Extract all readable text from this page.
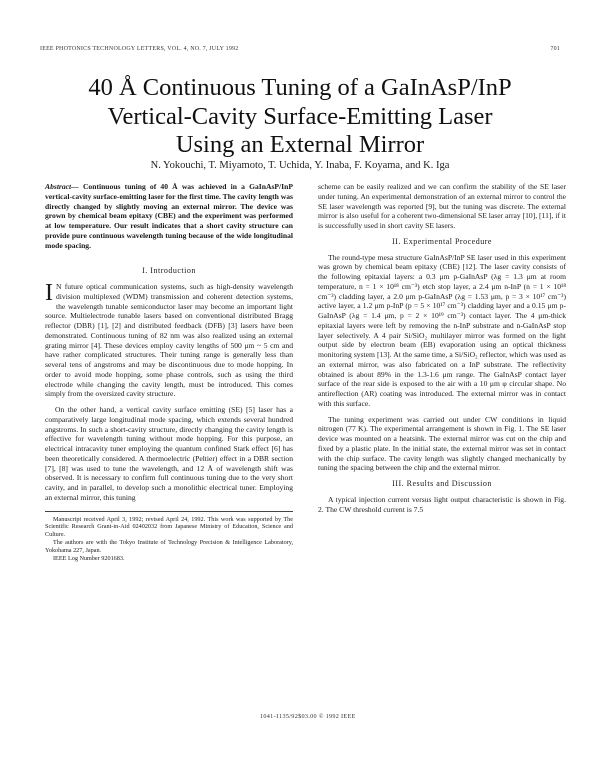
IEEE PHOTONICS TECHNOLOGY LETTERS, VOL. 4, NO. 7, JULY 1992	701
40 Å Continuous Tuning of a GaInAsP/InP
Vertical-Cavity Surface-Emitting Laser
Using an External Mirror
N. Yokouchi, T. Miyamoto, T. Uchida, Y. Inaba, F. Koyama, and K. Iga
Abstract— Continuous tuning of 40 Å was achieved in a GaInAsP/InP vertical-cavity surface-emitting laser for the first time. The cavity length was directly changed by slightly moving an external mirror. The device was grown by chemical beam epitaxy (CBE) and the experiment was performed at low temperature. Our result indicates that a short cavity structure can provide pure continuous wavelength tuning because of the wide longitudinal mode spacing.
I. Introduction

I N future optical communication systems, such as high-density wavelength division multiplexed (WDM) transmission and coherent detection systems, the wavelength tunable semiconductor laser may become an important light source. Multielectrode tunable lasers based on conventional distributed Bragg reflector (DBR) [1], [2] and distributed feedback (DFB) [3] lasers have been demonstrated. Continuous tuning of 82 nm was also realized using an external grating mirror [4]. These devices employ cavity lengths of 500 μm ~ 5 cm and have rather complicated structures. Their tuning range is generally less than several tens of angstroms and may be discontinuous due to mode hopping. In order to avoid mode hopping, some phase controls, such as using the third electrode while changing the cavity length, must be introduced. This comes simply from the oversized cavity structure.

On the other hand, a vertical cavity surface emitting (SE) [5] laser has a comparatively large longitudinal mode spacing, which extends several hundred angstroms. In such a short-cavity structure, directly changing the cavity length is effective for wavelength tuning without mode hopping. For this purpose, an electrical intracavity tuner employing the quantum confined Stark effect [6] has been theoretically considered. A thermoelectric (Peltier) effect in a DBR section [7], [8] was used to tune the wavelength, and 12 Å of wavelength shift was observed. It is necessary to confirm full continuous tuning due to the very short cavity, and in parallel, to develop such a monolithic electrical tuner. Employing an external mirror, this tuning

Manuscript received April 3, 1992; revised April 24, 1992. This work was supported by The Scientific Research Grant-in-Aid 02402032 from Japanese Ministry of Education, Science and Culture.

The authors are with the Tokyo Institute of Technology Precision & Intelligence Laboratory, Yokohama 227, Japan.

IEEE Log Number 9201683.

scheme can be easily realized and we can confirm the stability of the SE laser under tuning. An experimental demonstration of an external mirror to control the SE laser wavelength was reported [9], but the tuning was discrete. The external mirror is also useful for a coherent two-dimensional SE laser array [10], [11], if it is successfully used in short cavity SE lasers.

II. Experimental Procedure

The round-type mesa structure GaInAsP/InP SE laser used in this experiment was grown by chemical beam epitaxy (CBE) [12]. The laser cavity consists of the following epitaxial layers: a 0.3 μm p-GaInAsP (λg = 1.3 μm at room temperature, n = 1 × 10¹⁸ cm⁻³) etch stop layer, a 2.4 μm n-InP (n = 1 × 10¹⁸ cm⁻³) cladding layer, a 2.0 μm p-GaInAsP (λg = 1.53 μm, p = 3 × 10¹⁷ cm⁻³) active layer, a 1.2 μm p-InP (p = 5 × 10¹⁷ cm⁻³) cladding layer and a 0.15 μm p-GaInAsP (λg = 1.4 μm, p = 2 × 10¹⁹ cm⁻³) contact layer. The 4 μm-thick epitaxial layers were left by removing the n-InP substrate and n-GaInAsP stop layer selectively. A 4 pair Si/SiO₂ multilayer mirror was formed on the light output side by electron beam (EB) evaporation using an optical thickness monitoring system [13]. At the same time, a Si/SiO₂ reflector, which was used as an external mirror, was also fabricated on a InP substrate. The reflectivity obtained is about 89% in the 1.3-1.6 μm range. The GaInAsP contact layer surface of the rear side is exposed to the air with a 10 μm φ circular shape. No antireflection (AR) coating was introduced. The external mirror was in contact with this surface.

The tuning experiment was carried out under CW conditions in liquid nitrogen (77 K). The experimental arrangement is shown in Fig. 1. The SE laser device was mounted on a heatsink. The external mirror was cut on the chip and fixed by a plastic plate. In the initial state, the external mirror was set in contact with the chip surface. The cavity length was slightly changed mechanically by tuning the spacing between the chip and the external mirror.

III. Results and Discussion

A typical injection current versus light output characteristic is shown in Fig. 2. The CW threshold current is 7.5

1041-1135/92$03.00 © 1992 IEEE
